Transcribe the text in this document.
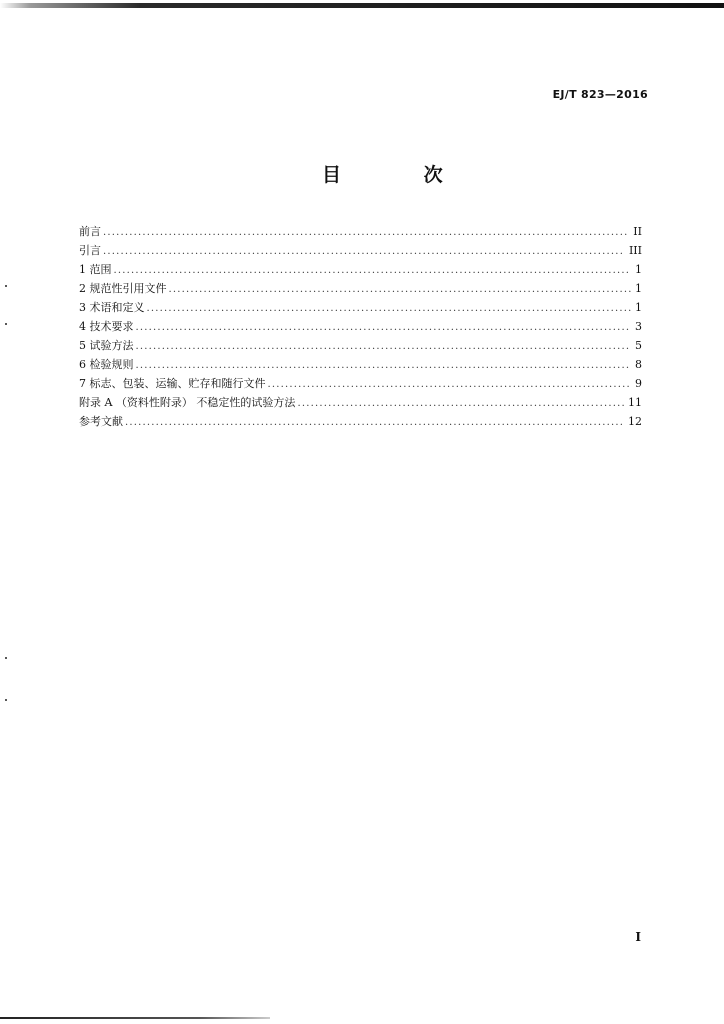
EJ/T 823—2016
目 次
前言 .....	II
引言 .....	III
1 范围 .....	1
2 规范性引用文件 .....	1
3 术语和定义 .....	1
4 技术要求 .....	3
5 试验方法 .....	5
6 检验规则 .....	8
7 标志、包装、运输、贮存和随行文件 .....	9
附录 A （资料性附录） 不稳定性的试验方法 .....	11
参考文献 .....	12
I
